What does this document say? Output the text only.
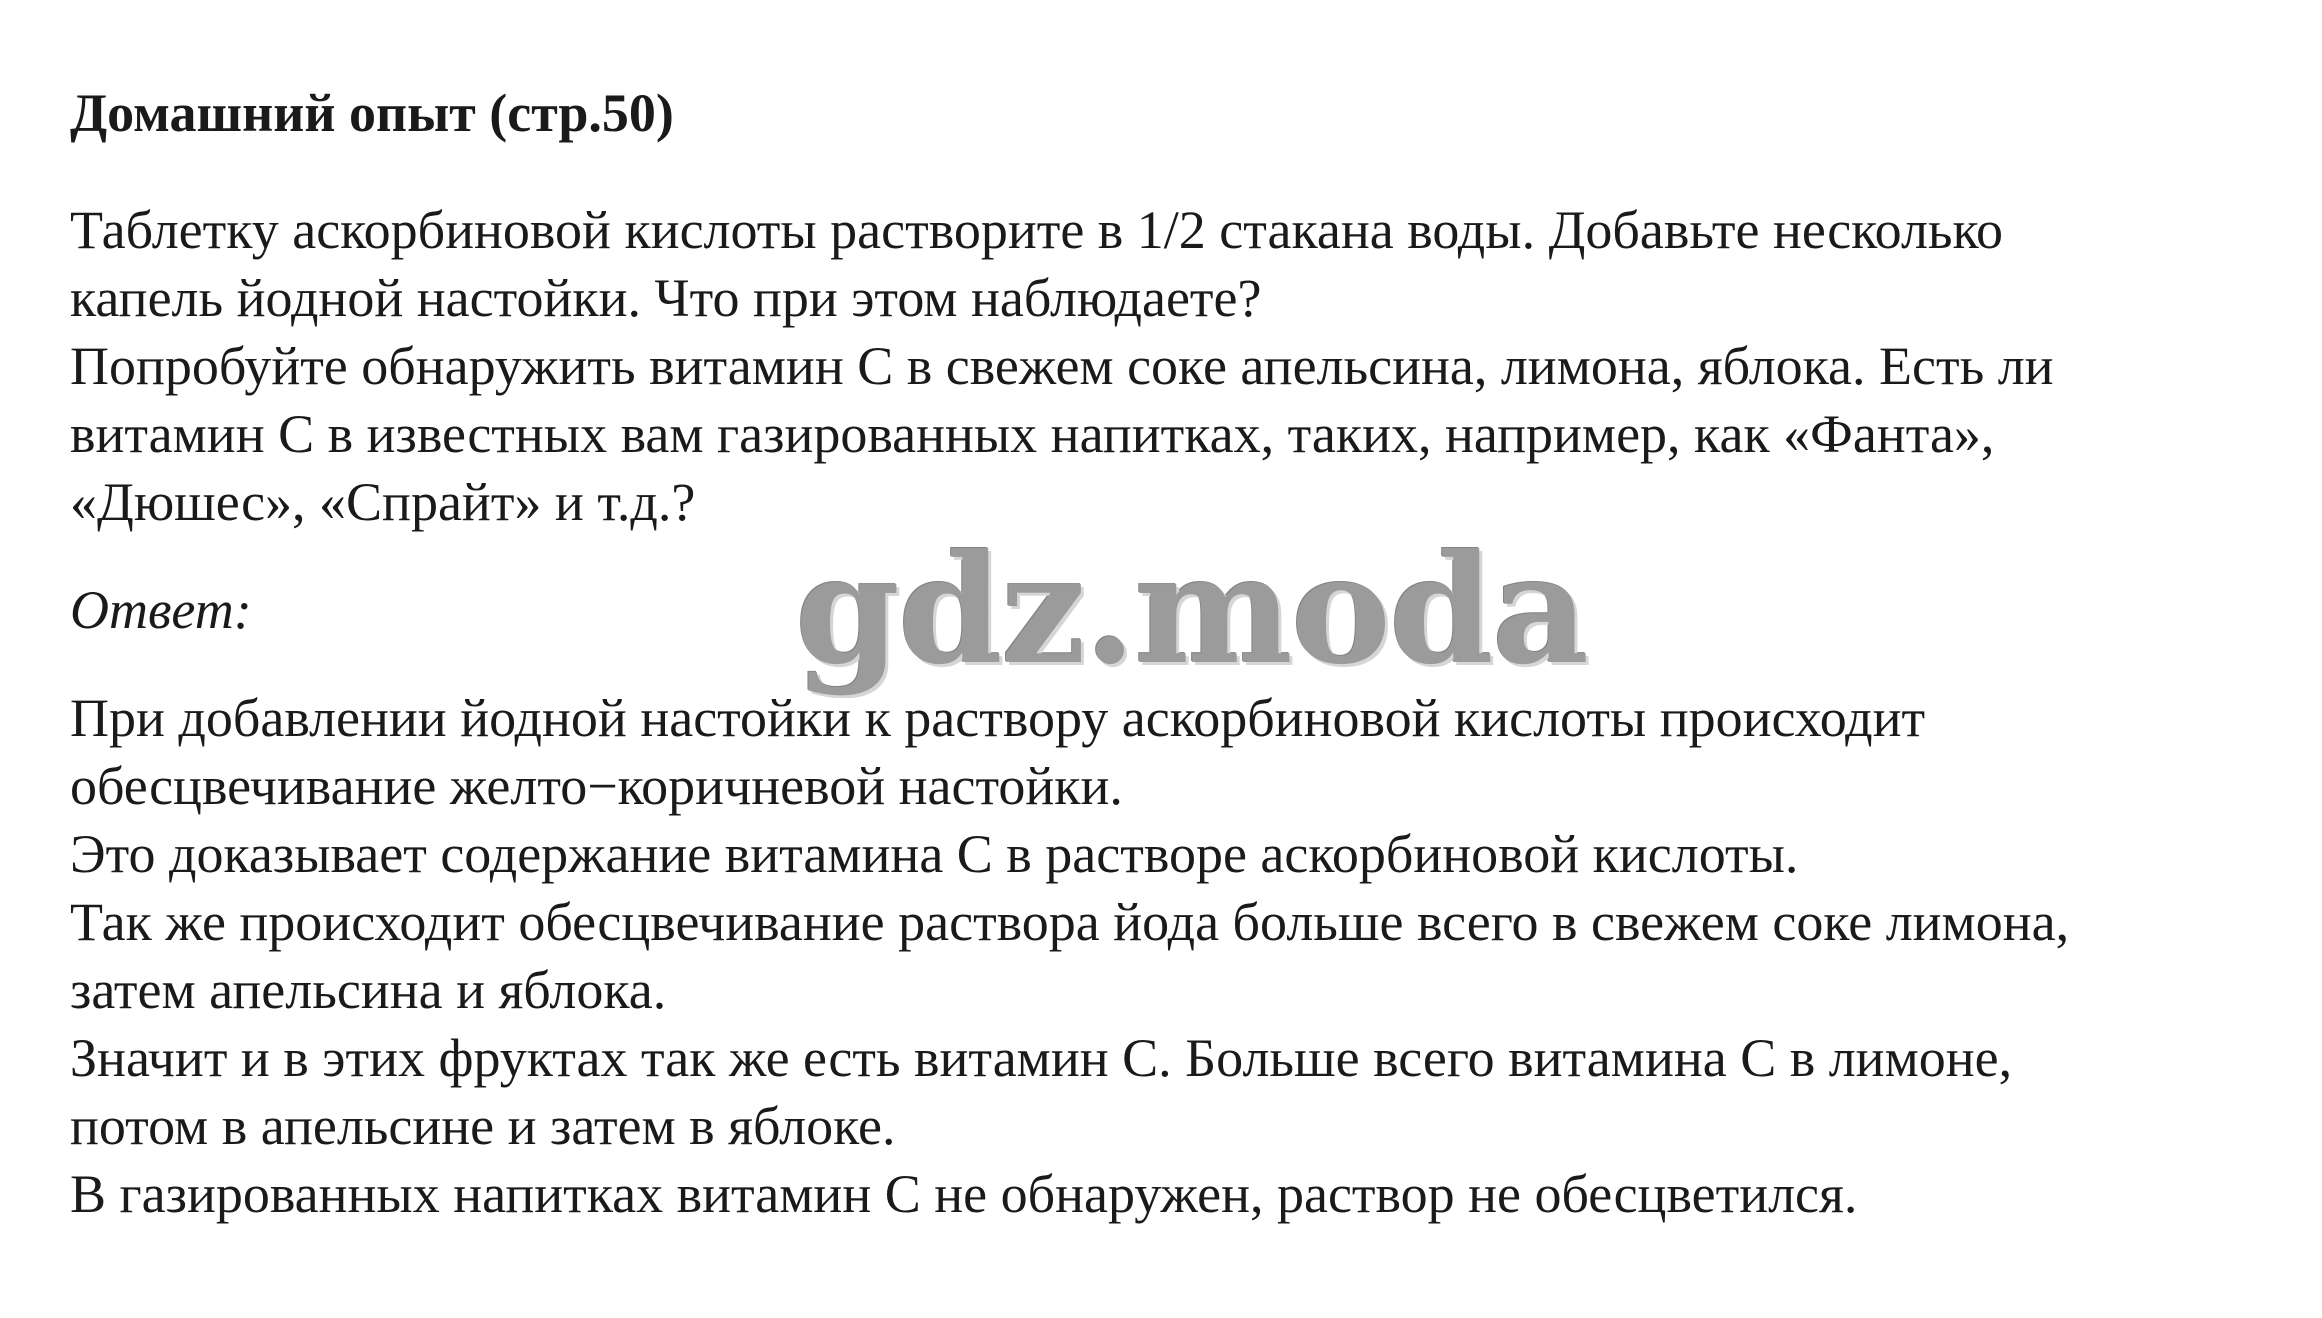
Домашний опыт (стр.50)

Таблетку аскорбиновой кислоты растворите в 1/2 стакана воды. Добавьте несколько

капель йодной настойки. Что при этом наблюдаете?

Попробуйте обнаружить витамин С в свежем соке апельсина, лимона, яблока. Есть ли

витамин С в известных вам газированных напитках, таких, например, как «Фанта»,

«Дюшес», «Спрайт» и т.д.?

Ответ:	gdz.moda

При добавлении йодной настойки к раствору аскорбиновой кислоты происходит

обесцвечивание желто−коричневой настойки.

Это доказывает содержание витамина С в растворе аскорбиновой кислоты.

Так же происходит обесцвечивание раствора йода больше всего в свежем соке лимона,

затем апельсина и яблока.

Значит и в этих фруктах так же есть витамин С. Больше всего витамина С в лимоне,

потом в апельсине и затем в яблоке.

В газированных напитках витамин С не обнаружен, раствор не обесцветился.
